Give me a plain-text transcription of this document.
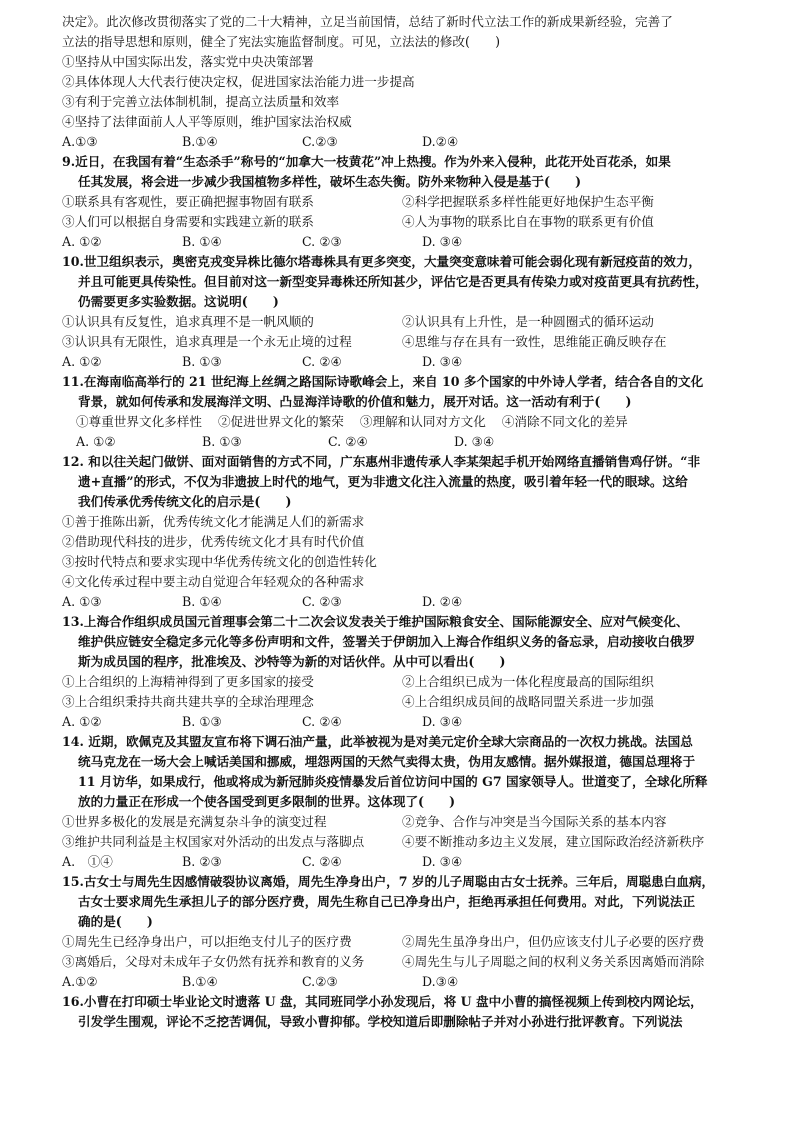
决定》。此次修改贯彻落实了党的二十大精神，立足当前国情，总结了新时代立法工作的新成果新经验，完善了
立法的指导思想和原则，健全了宪法实施监督制度。可见，立法法的修改(　　)
①坚持从中国实际出发，落实党中央决策部署
②具体体现人大代表行使决定权，促进国家法治能力进一步提高
③有利于完善立法体制机制，提高立法质量和效率
④坚持了法律面前人人平等原则，维护国家法治权威
A.①③	B.①④	C.②③	D.②④
9.近日，在我国有着“生态杀手”称号的“加拿大一枝黄花”冲上热搜。作为外来入侵种，此花开处百花杀，如果
任其发展，将会进一步减少我国植物多样性，破坏生态失衡。防外来物种入侵是基于(　　)
①联系具有客观性，要正确把握事物固有联系	②科学把握联系多样性能更好地保护生态平衡
③人们可以根据自身需要和实践建立新的联系	④人为事物的联系比自在事物的联系更有价值
A. ①②	B. ①④	C. ②③	D. ③④
10.世卫组织表示，奥密克戎变异株比德尔塔毒株具有更多突变，大量突变意味着可能会弱化现有新冠疫苗的效力，
并且可能更具传染性。但目前对这一新型变异毒株还所知甚少，评估它是否更具有传染力或对疫苗更具有抗药性，
仍需要更多实验数据。这说明(　　)
①认识具有反复性，追求真理不是一帆风顺的	②认识具有上升性，是一种圆圈式的循环运动
③认识具有无限性，追求真理是一个永无止境的过程	④思维与存在具有一致性，思维能正确反映存在
A. ①②	B. ①③	C. ②④	D. ③④
11.在海南临高举行的 21 世纪海上丝绸之路国际诗歌峰会上，来自 10 多个国家的中外诗人学者，结合各自的文化
背景，就如何传承和发展海洋文明、凸显海洋诗歌的价值和魅力，展开对话。这一活动有利于(　　)
①尊重世界文化多样性 ②促进世界文化的繁荣 ③理解和认同对方文化 ④消除不同文化的差异
A. ①②	B. ①③	C. ②④	D. ③④
12. 和以往关起门做饼、面对面销售的方式不同，广东惠州非遗传承人李某架起手机开始网络直播销售鸡仔饼。“非
遗+直播”的形式，不仅为非遗披上时代的地气，更为非遗文化注入流量的热度，吸引着年轻一代的眼球。这给
我们传承优秀传统文化的启示是(　　)
①善于推陈出新，优秀传统文化才能满足人们的新需求
②借助现代科技的进步，优秀传统文化才具有时代价值
③按时代特点和要求实现中华优秀传统文化的创造性转化
④文化传承过程中要主动自觉迎合年轻观众的各种需求
A. ①③	B. ①④	C. ②③	D. ②④
13.上海合作组织成员国元首理事会第二十二次会议发表关于维护国际粮食安全、国际能源安全、应对气候变化、
维护供应链安全稳定多元化等多份声明和文件，签署关于伊朗加入上海合作组织义务的备忘录，启动接收白俄罗
斯为成员国的程序，批准埃及、沙特等为新的对话伙伴。从中可以看出(　　)
①上合组织的上海精神得到了更多国家的接受	②上合组织已成为一体化程度最高的国际组织
③上合组织秉持共商共建共享的全球治理理念	④上合组织成员间的战略同盟关系进一步加强
A. ①②	B. ①③	C. ②④	D. ③④
14. 近期，欧佩克及其盟友宣布将下调石油产量，此举被视为是对美元定价全球大宗商品的一次权力挑战。法国总
统马克龙在一场大会上喊话美国和挪威，埋怨两国的天然气卖得太贵，伪用友感情。据外媒报道，德国总理将于
11 月访华，如果成行，他或将成为新冠肺炎疫情暴发后首位访问中国的 G7 国家领导人。世道变了，全球化所释
放的力量正在形成一个使各国受到更多限制的世界。这体现了(　　)
①世界多极化的发展是充满复杂斗争的演变过程	②竞争、合作与冲突是当今国际关系的基本内容
③维护共同利益是主权国家对外活动的出发点与落脚点	④要不断推动多边主义发展，建立国际政治经济新秩序
A.　①④	B. ②③	C. ②④	D. ③④
15.古女士与周先生因感情破裂协议离婚，周先生净身出户，7 岁的儿子周聪由古女士抚养。三年后，周聪患白血病，
古女士要求周先生承担儿子的部分医疗费，周先生称自己已净身出户，拒绝再承担任何费用。对此，下列说法正
确的是(　　)
①周先生已经净身出户，可以拒绝支付儿子的医疗费	②周先生虽净身出户，但仍应该支付儿子必要的医疗费
③离婚后，父母对未成年子女仍然有抚养和教育的义务	④周先生与儿子周聪之间的权利义务关系因离婚而消除
A.①②	B.①④	C.②③	D.③④
16.小曹在打印硕士毕业论文时遗落 U 盘，其同班同学小孙发现后，将 U 盘中小曹的搞怪视频上传到校内网论坛，
引发学生围观，评论不乏挖苦调侃，导致小曹抑郁。学校知道后即删除帖子并对小孙进行批评教育。下列说法
